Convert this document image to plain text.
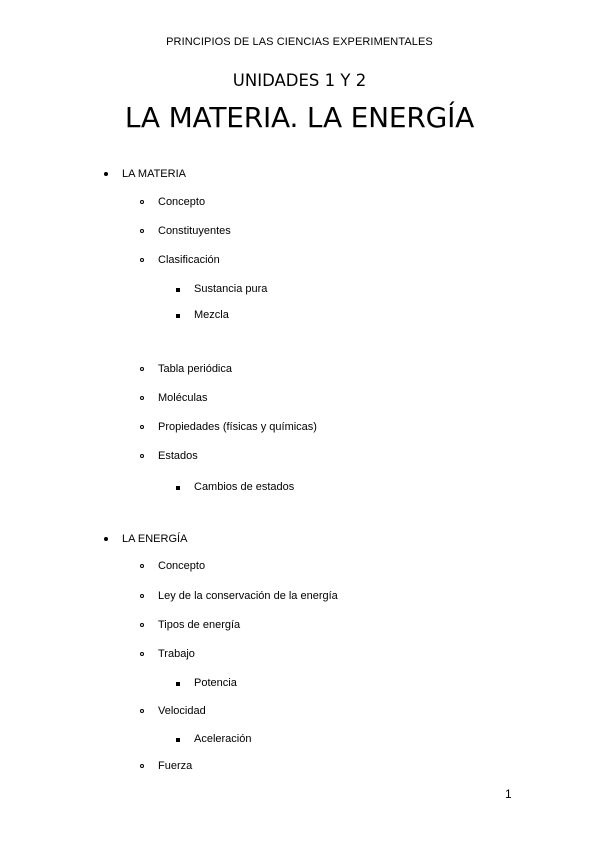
PRINCIPIOS DE LAS CIENCIAS EXPERIMENTALES
UNIDADES 1 Y 2
LA MATERIA. LA ENERGÍA
LA MATERIA
Concepto
Constituyentes
Clasificación
Sustancia pura
Mezcla
Tabla periódica
Moléculas
Propiedades (físicas y químicas)
Estados
Cambios de estados
LA ENERGÍA
Concepto
Ley de la conservación de la energía
Tipos de energía
Trabajo
Potencia
Velocidad
Aceleración
Fuerza
1
